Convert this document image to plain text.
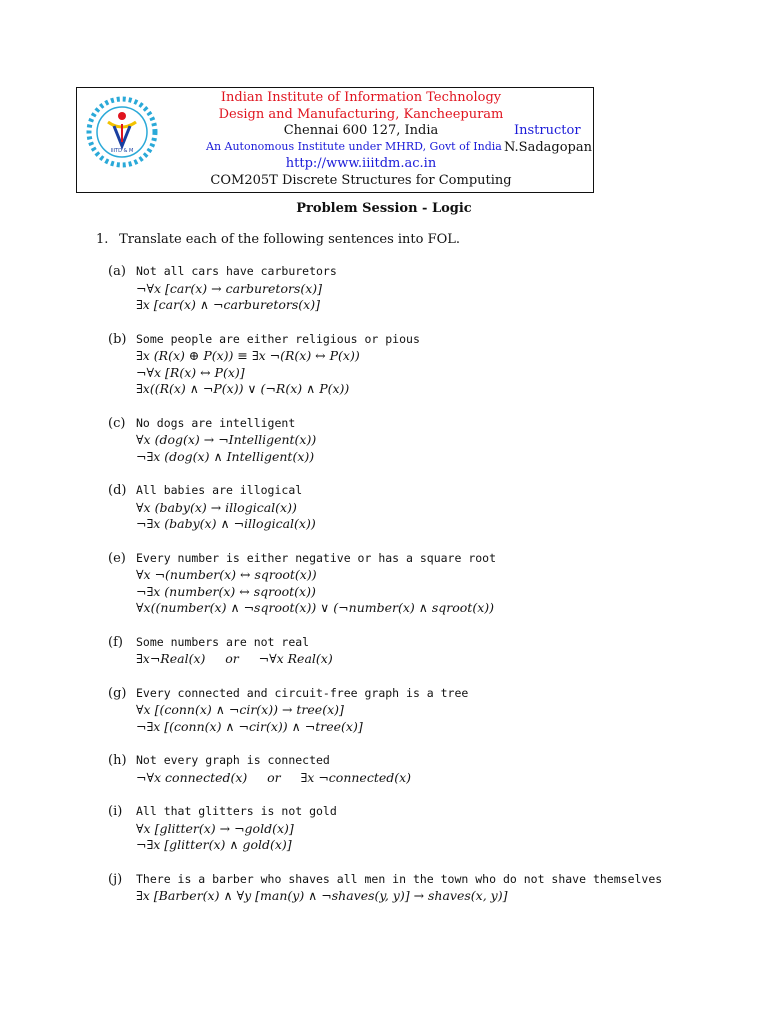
IIITD & M
Indian Institute of Information Technology
Design and Manufacturing, Kancheepuram
Chennai 600 127, India
http://www.iiitdm.ac.in
COM205T Discrete Structures for Computing
An Autonomous Institute under MHRD, Govt of India
Instructor
N.Sadagopan
Problem Session - Logic
1. Translate each of the following sentences into FOL.
(a) Not all cars have carburetors
¬∀x [car(x) → carburetors(x)]
∃x [car(x) ∧ ¬carburetors(x)]
(b) Some people are either religious or pious
∃x (R(x) ⊕ P(x)) ≡ ∃x ¬(R(x) ↔ P(x))
¬∀x [R(x) ↔ P(x)]
∃x((R(x) ∧ ¬P(x)) ∨ (¬R(x) ∧ P(x))
(c) No dogs are intelligent
∀x (dog(x) → ¬Intelligent(x))
¬∃x (dog(x) ∧ Intelligent(x))
(d) All babies are illogical
∀x (baby(x) → illogical(x))
¬∃x (baby(x) ∧ ¬illogical(x))
(e) Every number is either negative or has a square root
∀x ¬(number(x) ↔ sqroot(x))
¬∃x (number(x) ↔ sqroot(x))
∀x((number(x) ∧ ¬sqroot(x)) ∨ (¬number(x) ∧ sqroot(x))
(f) Some numbers are not real
∃x¬Real(x)     or     ¬∀x Real(x)
(g) Every connected and circuit-free graph is a tree
∀x [(conn(x) ∧ ¬cir(x)) → tree(x)]
¬∃x [(conn(x) ∧ ¬cir(x)) ∧ ¬tree(x)]
(h) Not every graph is connected
¬∀x connected(x)     or     ∃x ¬connected(x)
(i) All that glitters is not gold
∀x [glitter(x) → ¬gold(x)]
¬∃x [glitter(x) ∧ gold(x)]
(j) There is a barber who shaves all men in the town who do not shave themselves
∃x [Barber(x) ∧ ∀y [man(y) ∧ ¬shaves(y, y)] → shaves(x, y)]
